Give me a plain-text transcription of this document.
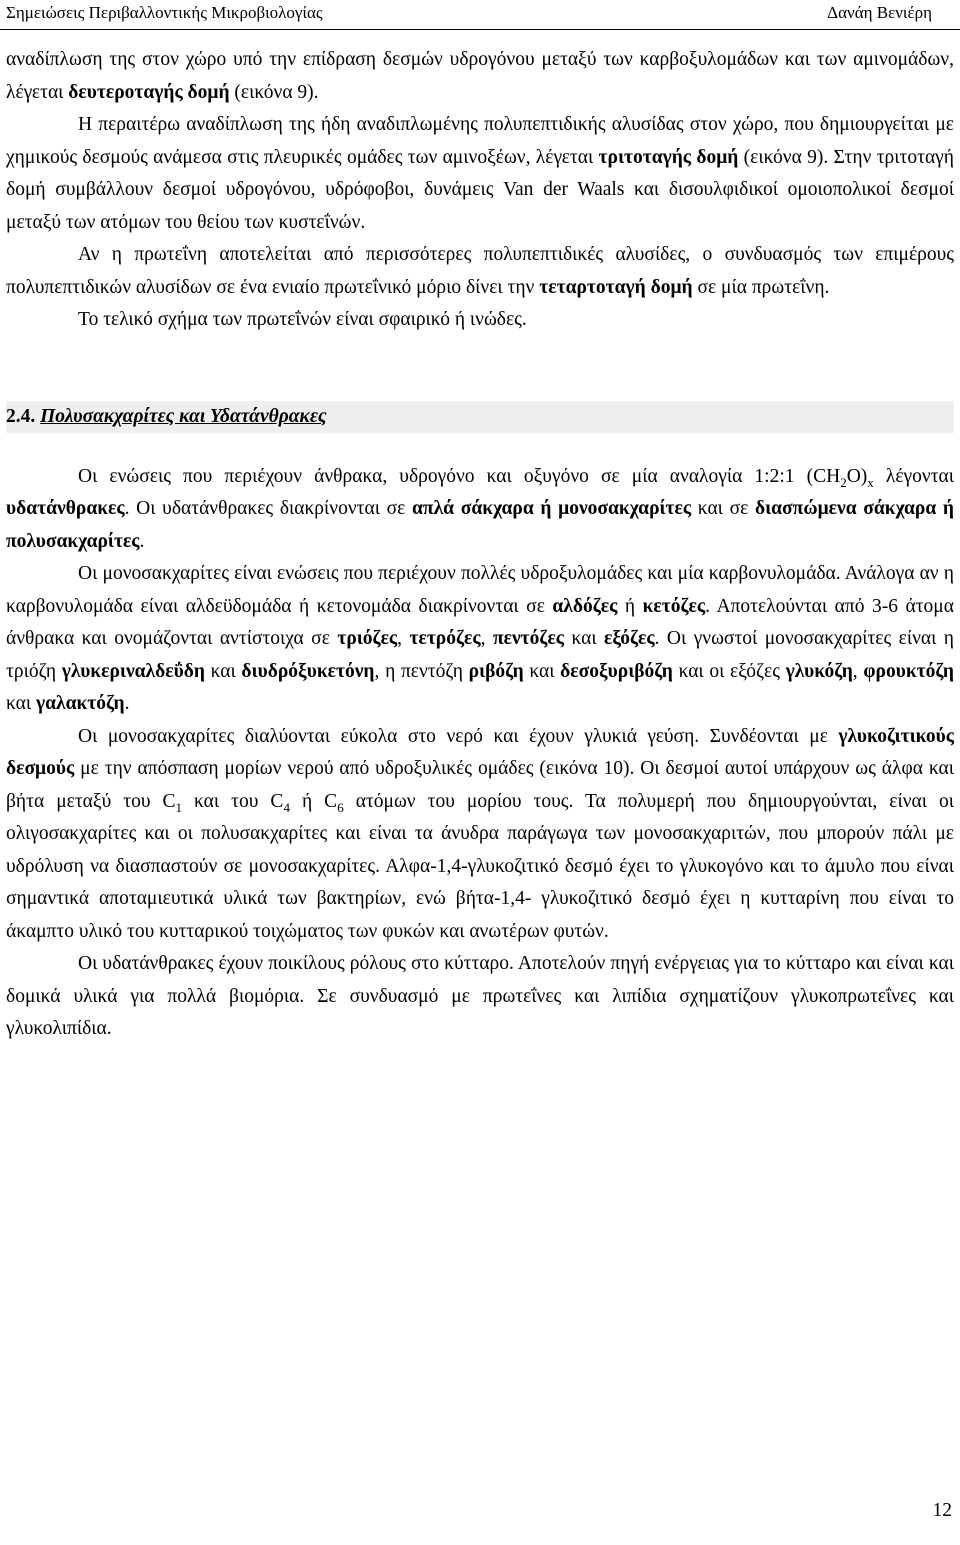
Σημειώσεις Περιβαλλοντικής Μικροβιολογίας	Δανάη Βενιέρη

αναδίπλωση της στον χώρο υπό την επίδραση δεσμών υδρογόνου μεταξύ των καρβοξυλομάδων και των αμινομάδων, λέγεται δευτεροταγής δομή (εικόνα 9).

Η περαιτέρω αναδίπλωση της ήδη αναδιπλωμένης πολυπεπτιδικής αλυσίδας στον χώρο, που δημιουργείται με χημικούς δεσμούς ανάμεσα στις πλευρικές ομάδες των αμινοξέων, λέγεται τριτοταγής δομή (εικόνα 9). Στην τριτοταγή δομή συμβάλλουν δεσμοί υδρογόνου, υδρόφοβοι, δυνάμεις Van der Waals και δισουλφιδικοί ομοιοπολικοί δεσμοί μεταξύ των ατόμων του θείου των κυστεΐνών.

Αν η πρωτεΐνη αποτελείται από περισσότερες πολυπεπτιδικές αλυσίδες, ο συνδυασμός των επιμέρους πολυπεπτιδικών αλυσίδων σε ένα ενιαίο πρωτεΐνικό μόριο δίνει την τεταρτοταγή δομή σε μία πρωτεΐνη.

Το τελικό σχήμα των πρωτεΐνών είναι σφαιρικό ή ινώδες.

2.4. Πολυσακχαρίτες και Υδατάνθρακες

Οι ενώσεις που περιέχουν άνθρακα, υδρογόνο και οξυγόνο σε μία αναλογία 1:2:1 $(CH_2O)_x$ λέγονται υδατάνθρακες. Οι υδατάνθρακες διακρίνονται σε απλά σάκχαρα ή μονοσακχαρίτες και σε διασπώμενα σάκχαρα ή πολυσακχαρίτες.

Οι μονοσακχαρίτες είναι ενώσεις που περιέχουν πολλές υδροξυλομάδες και μία καρβονυλομάδα. Ανάλογα αν η καρβονυλομάδα είναι αλδεϋδομάδα ή κετονομάδα διακρίνονται σε αλδόζες ή κετόζες. Αποτελούνται από 3-6 άτομα άνθρακα και ονομάζονται αντίστοιχα σε τριόζες, τετρόζες, πεντόζες και εξόζες. Οι γνωστοί μονοσακχαρίτες είναι η τριόζη γλυκεριναλδεΰδη και διυδρόξυκετόνη, η πεντόζη ριβόζη και δεσοξυριβόζη και οι εξόζες γλυκόζη, φρουκτόζη και γαλακτόζη.

Οι μονοσακχαρίτες διαλύονται εύκολα στο νερό και έχουν γλυκιά γεύση. Συνδέονται με γλυκοζιτικούς δεσμούς με την απόσπαση μορίων νερού από υδροξυλικές ομάδες (εικόνα 10). Οι δεσμοί αυτοί υπάρχουν ως άλφα και βήτα μεταξύ του $C_1$ και του $C_4$ ή $C_6$ ατόμων του μορίου τους. Τα πολυμερή που δημιουργούνται, είναι οι ολιγοσακχαρίτες και οι πολυσακχαρίτες και είναι τα άνυδρα παράγωγα των μονοσακχαριτών, που μπορούν πάλι με υδρόλυση να διασπαστούν σε μονοσακχαρίτες. Αλφα-1,4-γλυκοζιτικό δεσμό έχει το γλυκογόνο και το άμυλο που είναι σημαντικά αποταμιευτικά υλικά των βακτηρίων, ενώ βήτα-1,4- γλυκοζιτικό δεσμό έχει η κυτταρίνη που είναι το άκαμπτο υλικό του κυτταρικού τοιχώματος των φυκών και ανωτέρων φυτών.

Οι υδατάνθρακες έχουν ποικίλους ρόλους στο κύτταρο. Αποτελούν πηγή ενέργειας για το κύτταρο και είναι και δομικά υλικά για πολλά βιομόρια. Σε συνδυασμό με πρωτεΐνες και λιπίδια σχηματίζουν γλυκοπρωτεΐνες και γλυκολιπίδια.

12
